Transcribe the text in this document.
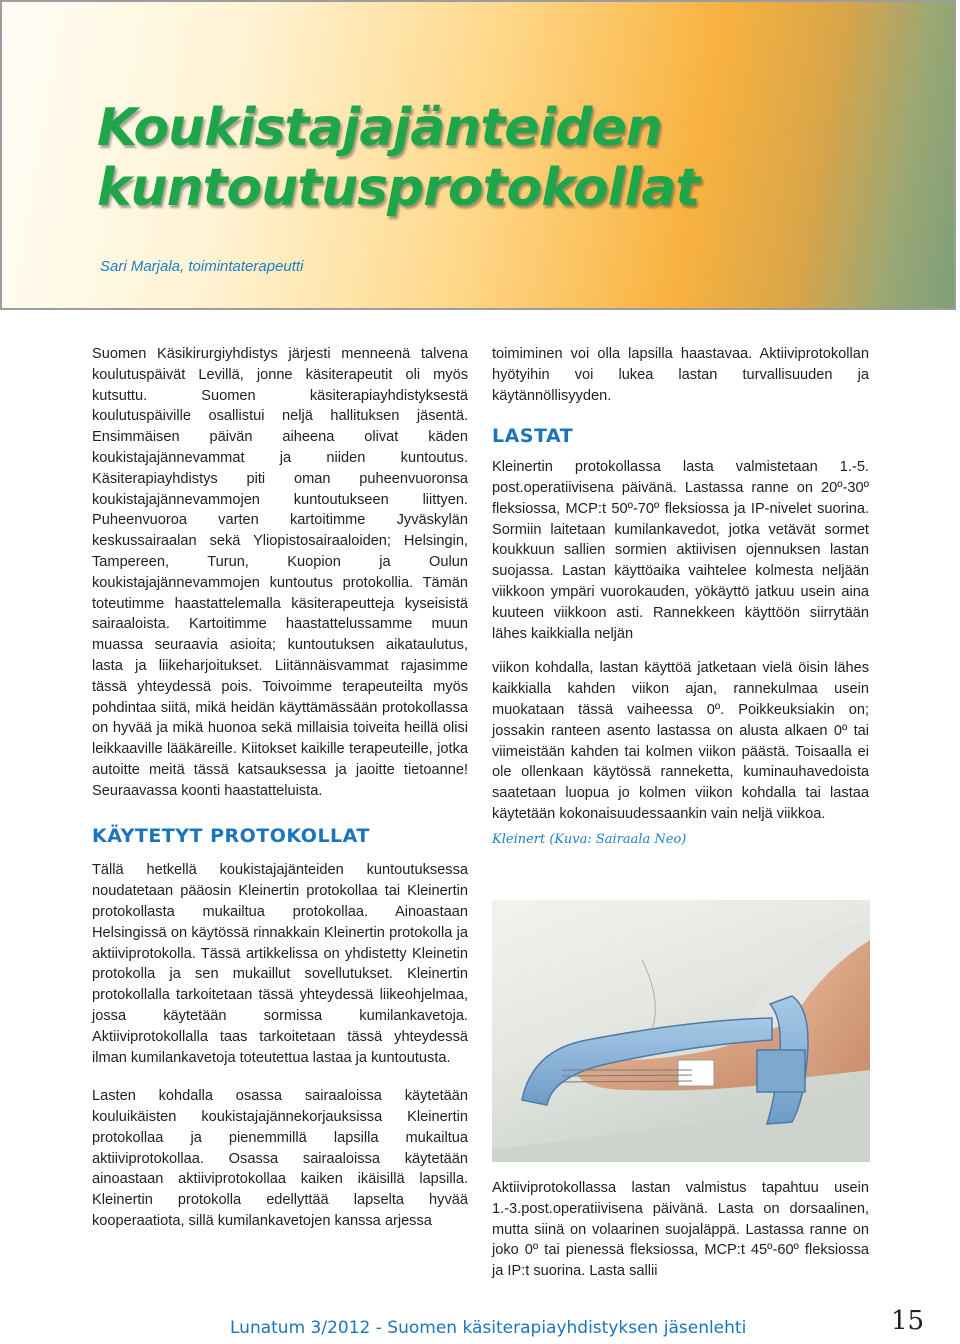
Koukistajajänteiden
kuntoutusprotokollat
Sari Marjala, toimintaterapeutti

Suomen Käsikirurgiyhdistys järjesti menneenä talvena koulutuspäivät Levillä, jonne käsiterapeutit oli myös kutsuttu. Suomen käsiterapiayhdistyksestä koulutuspäiville osallistui neljä hallituksen jäsentä. Ensimmäisen päivän aiheena olivat käden koukistajajännevammat ja niiden kuntoutus. Käsiterapiayhdistys piti oman puheenvuoronsa koukistajajännevammojen kuntoutukseen liittyen. Puheenvuoroa varten kartoitimme Jyväskylän keskussairaalan sekä Yliopistosairaaloiden; Helsingin, Tampereen, Turun, Kuopion ja Oulun koukistajajännevammojen kuntoutus protokollia. Tämän toteutimme haastattelemalla käsiterapeutteja kyseisistä sairaaloista. Kartoitimme haastattelussamme muun muassa seuraavia asioita; kuntoutuksen aikataulutus, lasta ja liikeharjoitukset. Liitännäisvammat rajasimme tässä yhteydessä pois. Toivoimme terapeuteilta myös pohdintaa siitä, mikä heidän käyttämässään protokollassa on hyvää ja mikä huonoa sekä millaisia toiveita heillä olisi leikkaaville lääkäreille. Kiitokset kaikille terapeuteille, jotka autoitte meitä tässä katsauksessa ja jaoitte tietoanne! Seuraavassa koonti haastatteluista.

KÄYTETYT PROTOKOLLAT

Tällä hetkellä koukistajajänteiden kuntoutuksessa noudatetaan pääosin Kleinertin protokollaa tai Kleinertin protokollasta mukailtua protokollaa. Ainoastaan Helsingissä on käytössä rinnakkain Kleinertin protokolla ja aktiiviprotokolla. Tässä artikkelissa on yhdistetty Kleinetin protokolla ja sen mukaillut sovellutukset. Kleinertin protokollalla tarkoitetaan tässä yhteydessä liikeohjelmaa, jossa käytetään sormissa kumilankavetoja. Aktiiviprotokollalla taas tarkoitetaan tässä yhteydessä ilman kumilankavetoja toteutettua lastaa ja kuntoutusta.

Lasten kohdalla osassa sairaaloissa käytetään kouluikäisten koukistajajännekorjauksissa Kleinertin protokollaa ja pienemmillä lapsilla mukailtua aktiiviprotokollaa. Osassa sairaaloissa käytetään ainoastaan aktiiviprotokollaa kaiken ikäisillä lapsilla. Kleinertin protokolla edellyttää lapselta hyvää kooperaatiota, sillä kumilankavetojen kanssa arjessa

toimiminen voi olla lapsilla haastavaa. Aktiiviprotokollan hyötyihin voi lukea lastan turvallisuuden ja käytännöllisyyden.

LASTAT

Kleinertin protokollassa lasta valmistetaan 1.-5. post.operatiivisena päivänä. Lastassa ranne on 20º-30º fleksiossa, MCP:t 50º-70º fleksiossa ja IP-nivelet suorina. Sormiin laitetaan kumilankavedot, jotka vetävät sormet koukkuun sallien sormien aktiivisen ojennuksen lastan suojassa. Lastan käyttöaika vaihtelee kolmesta neljään viikkoon ympäri vuorokauden, yökäyttö jatkuu usein aina kuuteen viikkoon asti. Rannekkeen käyttöön siirrytään lähes kaikkialla neljän

viikon kohdalla, lastan käyttöä jatketaan vielä öisin lähes kaikkialla kahden viikon ajan, rannekulmaa usein muokataan tässä vaiheessa 0º. Poikkeuksiakin on; jossakin ranteen asento lastassa on alusta alkaen 0º tai viimeistään kahden tai kolmen viikon päästä. Toisaalla ei ole ollenkaan käytössä rannekettа, kuminauhavedoista saatetaan luopua jo kolmen viikon kohdalla tai lastaa käytetään kokonaisuudessaankin vain neljä viikkoa.

Kleinert (Kuva: Sairaala Neo)

Aktiiviprotokollassa lastan valmistus tapahtuu usein 1.-3.post.operatiivisena päivänä. Lasta on dorsaalinen, mutta siinä on volaarinen suojaläppä. Lastassa ranne on joko 0º tai pienessä fleksiossa, MCP:t 45º-60º fleksiossa ja IP:t suorina. Lasta sallii

Lunatum 3/2012 - Suomen käsiterapiayhdistyksen jäsenlehti	15
